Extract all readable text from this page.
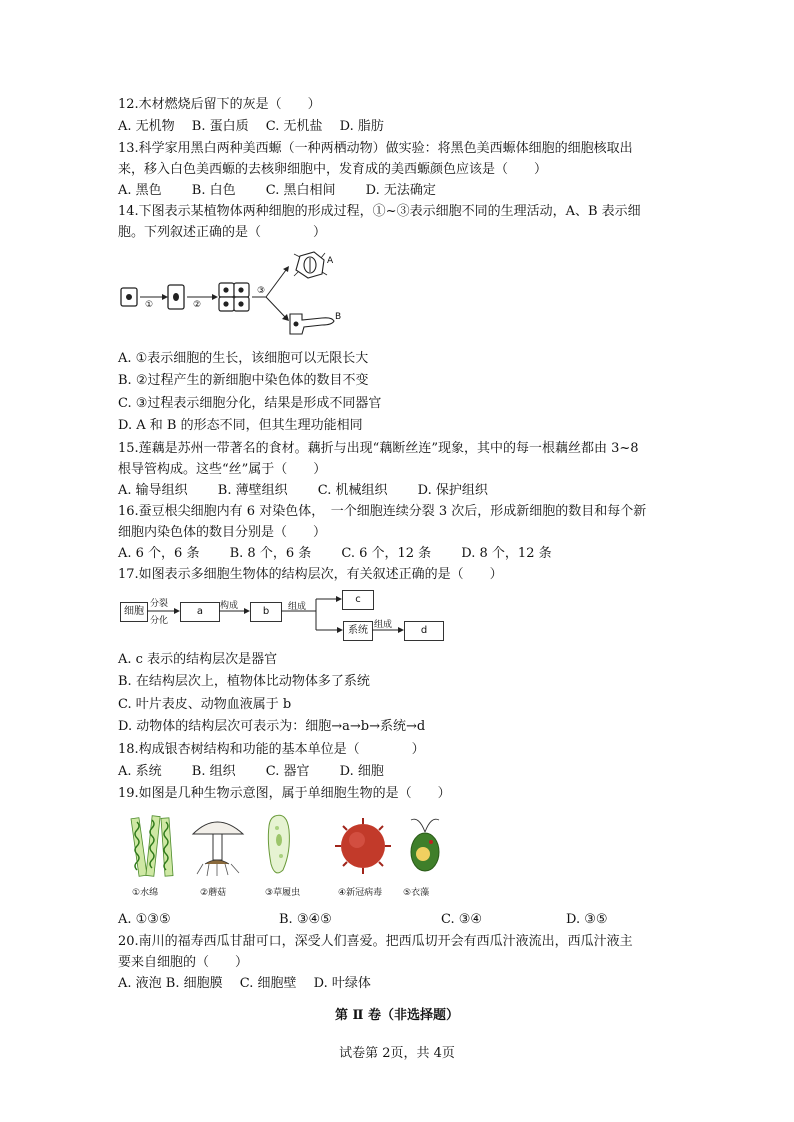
12.木材燃烧后留下的灰是（　　）
A. 无机物　 B. 蛋白质　 C. 无机盐　 D. 脂肪
13.科学家用黑白两种美西螈（一种两栖动物）做实验：将黑色美西螈体细胞的细胞核取出
来，移入白色美西螈的去核卵细胞中，发育成的美西螈颜色应该是（　　）
A. 黑色　　 B. 白色　　 C. 黑白相间　　 D. 无法确定
14.下图表示某植物体两种细胞的形成过程，①~③表示细胞不同的生理活动，A、B 表示细
胞。下列叙述正确的是（　　　　）
①	②
③
A
B
A. ①表示细胞的生长，该细胞可以无限长大
B. ②过程产生的新细胞中染色体的数目不变
C. ③过程表示细胞分化，结果是形成不同器官
D. A 和 B 的形态不同，但其生理功能相同
15.莲藕是苏州一带著名的食材。藕折与出现“藕断丝连”现象，其中的每一根藕丝都由 3~8
根导管构成。这些“丝”属于（　　）
A. 输导组织　　 B. 薄壁组织　　 C. 机械组织　　 D. 保护组织
16.蚕豆根尖细胞内有 6 对染色体，　一个细胞连续分裂 3 次后，形成新细胞的数目和每个新
细胞内染色体的数目分别是（　　）
A. 6 个，6 条　　 B. 8 个，6 条　　 C. 6 个，12 条　　 D. 8 个，12 条
17.如图表示多细胞生物体的结构层次，有关叙述正确的是（　　）
细胞
分裂
分化
a	构成	b	组成
c
系统 组成	d
A. c 表示的结构层次是器官
B. 在结构层次上，植物体比动物体多了系统
C. 叶片表皮、动物血液属于 b
D. 动物体的结构层次可表示为：细胞→a→b→系统→d
18.构成银杏树结构和功能的基本单位是（　　　　）
A. 系统　　 B. 组织　　 C. 器官　　 D. 细胞
19.如图是几种生物示意图，属于单细胞生物的是（　　）
①水绵	②蘑菇	③草履虫	④新冠病毒 ⑤衣藻
A. ①③⑤	B. ③④⑤	C. ③④	D. ③⑤
20.南川的福寿西瓜甘甜可口，深受人们喜爱。把西瓜切开会有西瓜汁液流出，西瓜汁液主
要来自细胞的（　　）
A. 液泡 B. 细胞膜　 C. 细胞壁　 D. 叶绿体
第 Ⅱ 卷（非选择题）
试卷第 2页，共 4页
